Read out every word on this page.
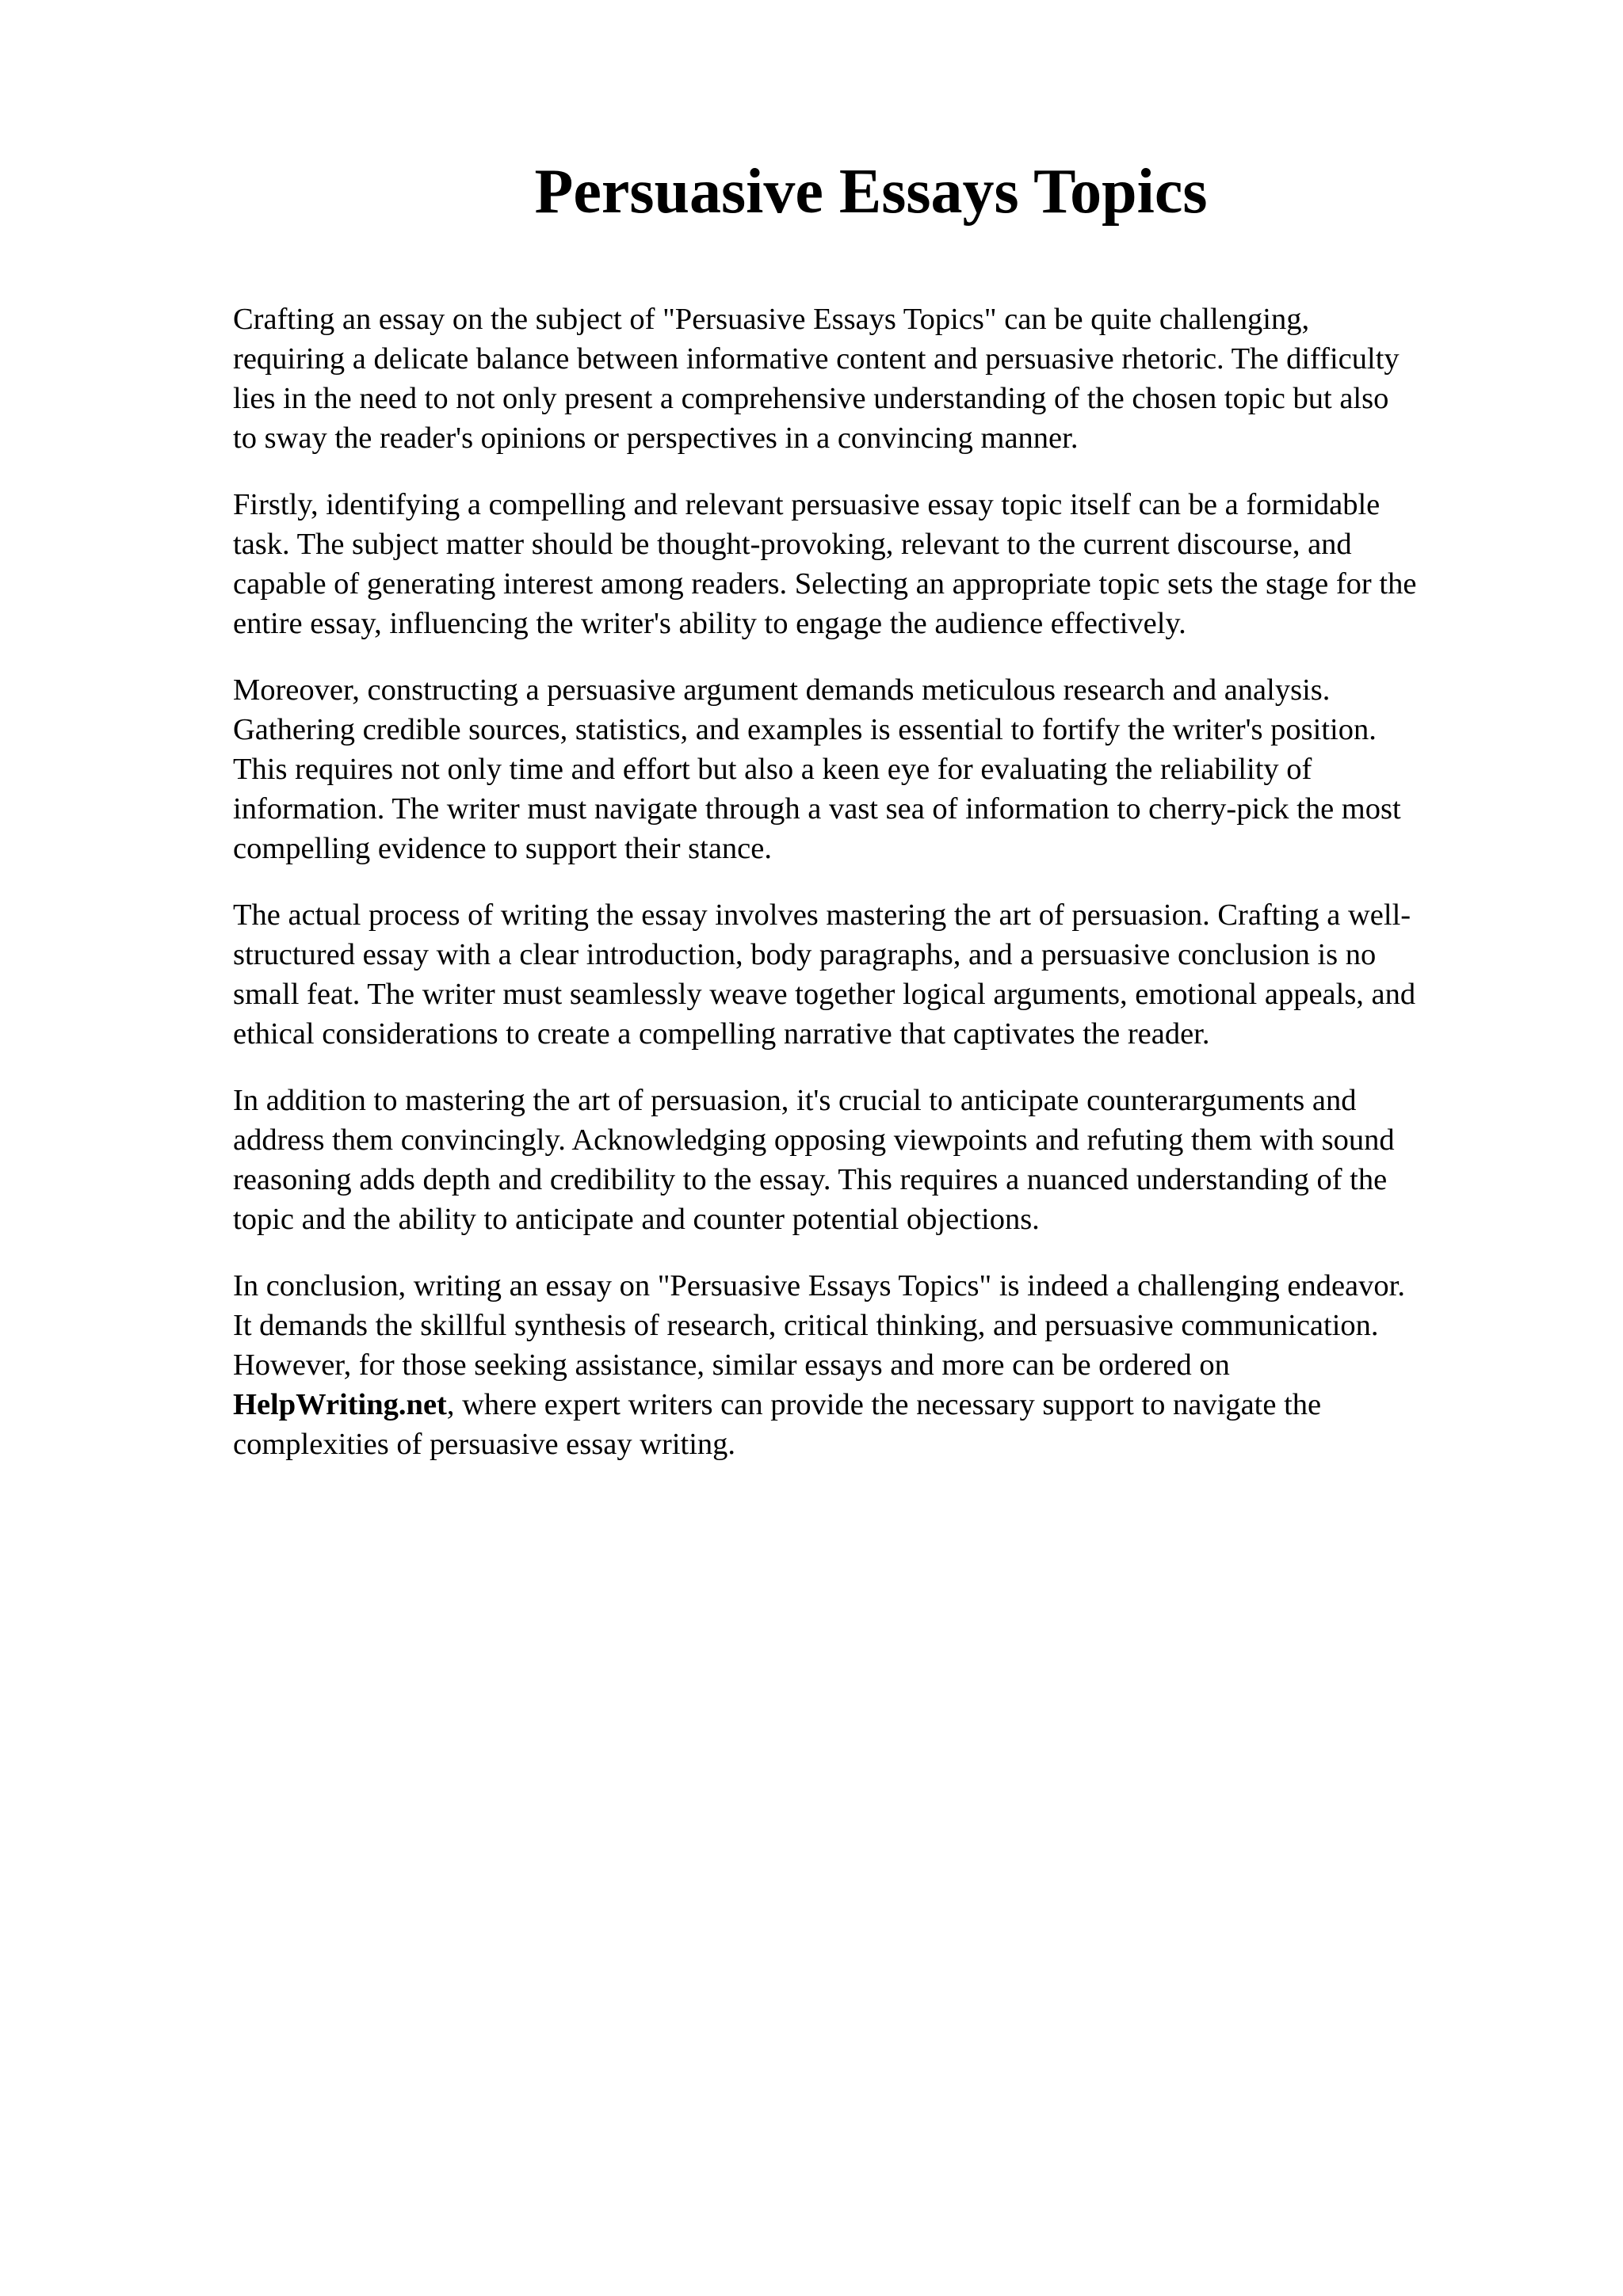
Persuasive Essays Topics

Crafting an essay on the subject of "Persuasive Essays Topics" can be quite challenging,
requiring a delicate balance between informative content and persuasive rhetoric. The difficulty
lies in the need to not only present a comprehensive understanding of the chosen topic but also
to sway the reader's opinions or perspectives in a convincing manner.

Firstly, identifying a compelling and relevant persuasive essay topic itself can be a formidable
task. The subject matter should be thought-provoking, relevant to the current discourse, and
capable of generating interest among readers. Selecting an appropriate topic sets the stage for the
entire essay, influencing the writer's ability to engage the audience effectively.

Moreover, constructing a persuasive argument demands meticulous research and analysis.
Gathering credible sources, statistics, and examples is essential to fortify the writer's position.
This requires not only time and effort but also a keen eye for evaluating the reliability of
information. The writer must navigate through a vast sea of information to cherry-pick the most
compelling evidence to support their stance.

The actual process of writing the essay involves mastering the art of persuasion. Crafting a well-
structured essay with a clear introduction, body paragraphs, and a persuasive conclusion is no
small feat. The writer must seamlessly weave together logical arguments, emotional appeals, and
ethical considerations to create a compelling narrative that captivates the reader.

In addition to mastering the art of persuasion, it's crucial to anticipate counterarguments and
address them convincingly. Acknowledging opposing viewpoints and refuting them with sound
reasoning adds depth and credibility to the essay. This requires a nuanced understanding of the
topic and the ability to anticipate and counter potential objections.

In conclusion, writing an essay on "Persuasive Essays Topics" is indeed a challenging endeavor.
It demands the skillful synthesis of research, critical thinking, and persuasive communication.
However, for those seeking assistance, similar essays and more can be ordered on
HelpWriting.net, where expert writers can provide the necessary support to navigate the
complexities of persuasive essay writing.
